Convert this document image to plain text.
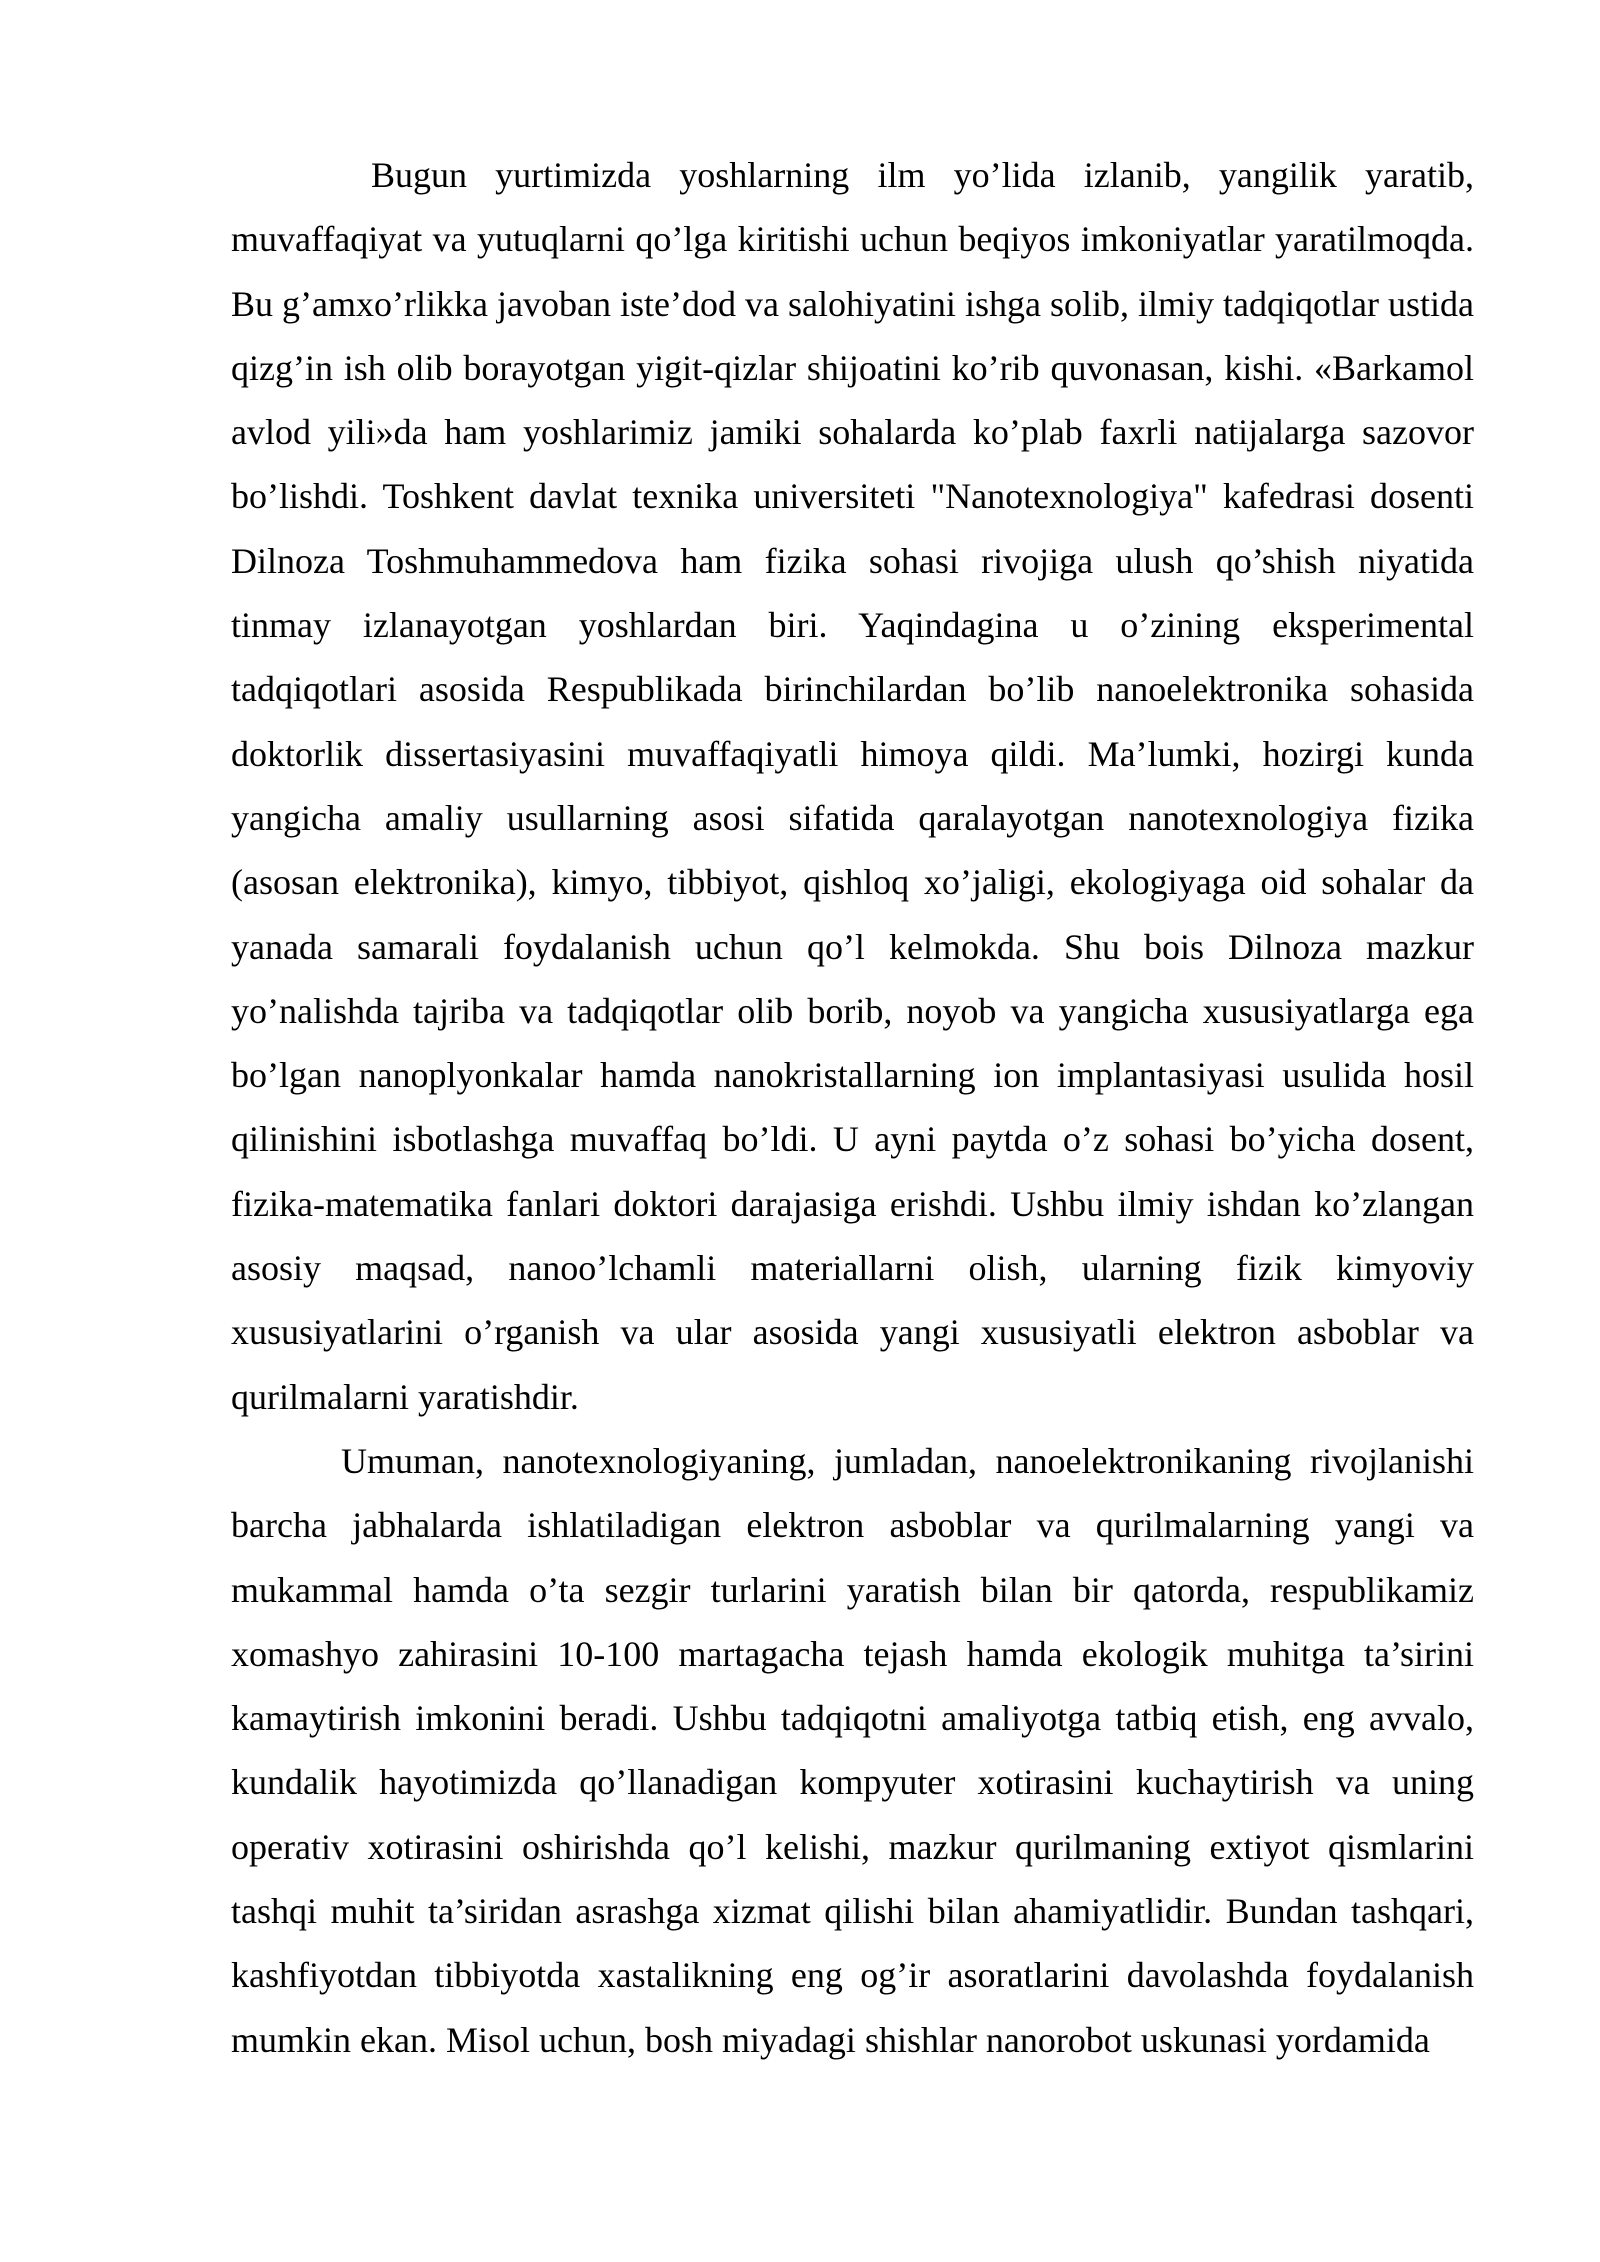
Bugun yurtimizda yoshlarning ilm yo’lida izlanib, yangilik yaratib, muvaffaqiyat va yutuqlarni qo’lga kiritishi uchun beqiyos imkoniyatlar yaratilmoqda. Bu g’amxo’rlikka javoban iste’dod va salohiyatini ishga solib, ilmiy tadqiqotlar ustida qizg’in ish olib borayotgan yigit-qizlar shijoatini ko’rib quvonasan, kishi. «Barkamol avlod yili»da ham yoshlarimiz jamiki sohalarda ko’plab faxrli natijalarga sazovor bo’lishdi. Toshkent davlat texnika universiteti "Nanotexnologiya" kafedrasi dosenti Dilnoza Toshmuhammedova ham fizika sohasi rivojiga ulush qo’shish niyatida tinmay izlanayotgan yoshlardan biri. Yaqindagina u o’zining eksperimental tadqiqotlari asosida Respublikada birinchilardan bo’lib nanoelektronika sohasida doktorlik dissertasiyasini muvaffaqiyatli himoya qildi. Ma’lumki, hozirgi kunda yangicha amaliy usullarning asosi sifatida qaralayotgan nanotexnologiya fizika (asosan elektronika), kimyo, tibbiyot, qishloq xo’jaligi, ekologiyaga oid sohalar da yanada samarali foydalanish uchun qo’l kelmokda. Shu bois Dilnoza mazkur yo’nalishda tajriba va tadqiqotlar olib borib, noyob va yangicha xususiyatlarga ega bo’lgan nanoplyonkalar hamda nanokristallarning ion implantasiyasi usulida hosil qilinishini isbotlashga muvaffaq bo’ldi. U ayni paytda o’z sohasi bo’yicha dosent, fizika-matematika fanlari doktori darajasiga erishdi. Ushbu ilmiy ishdan ko’zlangan asosiy maqsad, nanoo’lchamli materiallarni olish, ularning fizik kimyoviy xususiyatlarini o’rganish va ular asosida yangi xususiyatli elektron asboblar va qurilmalarni yaratishdir.

Umuman, nanotexnologiyaning, jumladan, nanoelektronikaning rivojlanishi barcha jabhalarda ishlatiladigan elektron asboblar va qurilmalarning yangi va mukammal hamda o’ta sezgir turlarini yaratish bilan bir qatorda, respublikamiz xomashyo zahirasini 10-100 martagacha tejash hamda ekologik muhitga ta’sirini kamaytirish imkonini beradi. Ushbu tadqiqotni amaliyotga tatbiq etish, eng avvalo, kundalik hayotimizda qo’llanadigan kompyuter xotirasini kuchaytirish va uning operativ xotirasini oshirishda qo’l kelishi, mazkur qurilmaning extiyot qismlarini tashqi muhit ta’siridan asrashga xizmat qilishi bilan ahamiyatlidir. Bundan tashqari, kashfiyotdan tibbiyotda xastalikning eng og’ir asoratlarini davolashda foydalanish mumkin ekan. Misol uchun, bosh miyadagi shishlar nanorobot uskunasi yordamida
